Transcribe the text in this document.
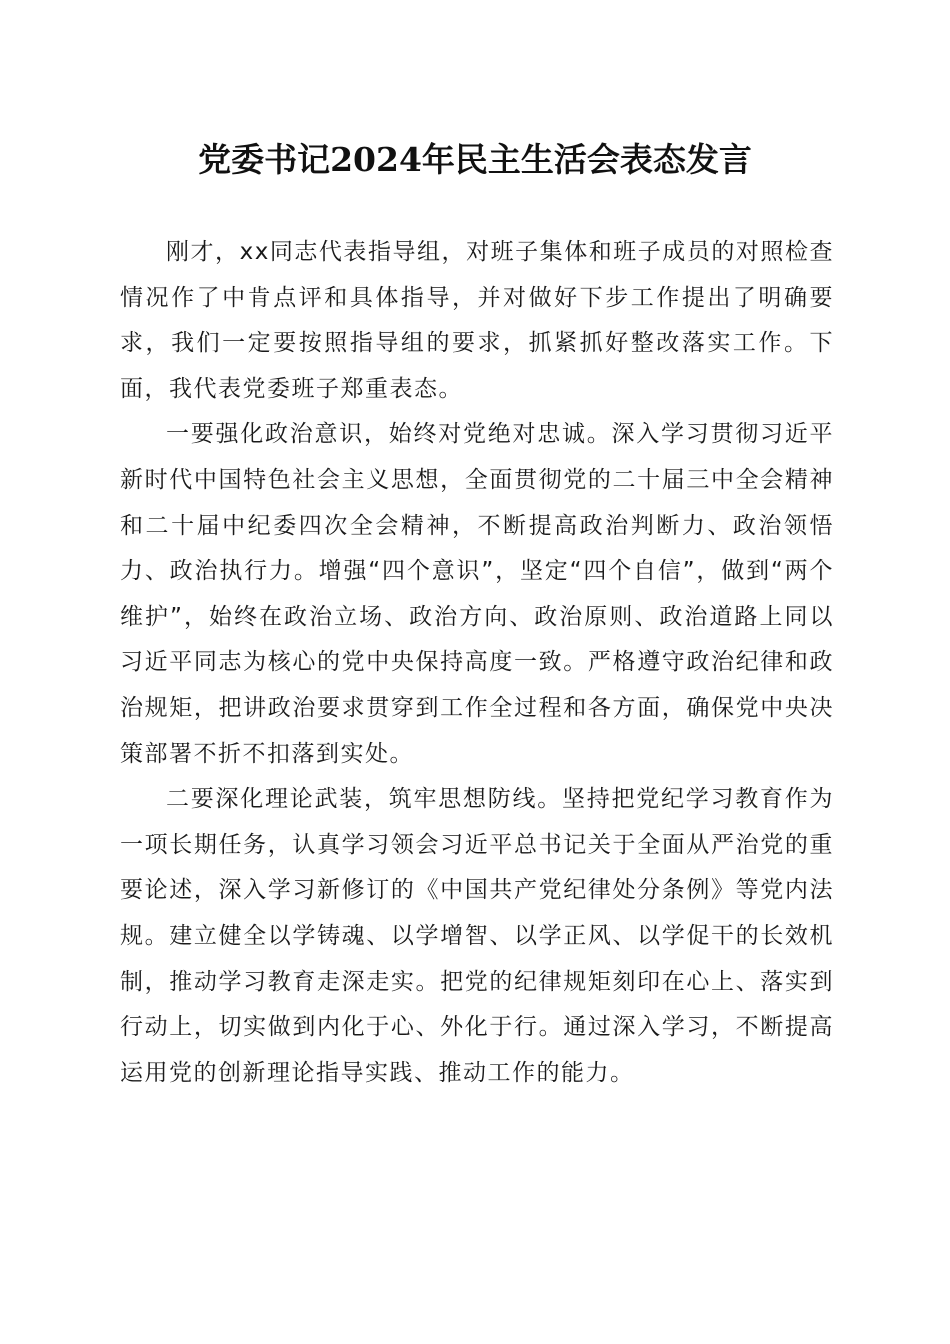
党委书记2024年民主生活会表态发言

刚才，xx同志代表指导组，对班子集体和班子成员的对照检查情况作了中肯点评和具体指导，并对做好下步工作提出了明确要求，我们一定要按照指导组的要求，抓紧抓好整改落实工作。下面，我代表党委班子郑重表态。

一要强化政治意识，始终对党绝对忠诚。深入学习贯彻习近平新时代中国特色社会主义思想，全面贯彻党的二十届三中全会精神和二十届中纪委四次全会精神，不断提高政治判断力、政治领悟力、政治执行力。增强“四个意识”，坚定“四个自信”，做到“两个维护”，始终在政治立场、政治方向、政治原则、政治道路上同以习近平同志为核心的党中央保持高度一致。严格遵守政治纪律和政治规矩，把讲政治要求贯穿到工作全过程和各方面，确保党中央决策部署不折不扣落到实处。

二要深化理论武装，筑牢思想防线。坚持把党纪学习教育作为一项长期任务，认真学习领会习近平总书记关于全面从严治党的重要论述，深入学习新修订的《中国共产党纪律处分条例》等党内法规。建立健全以学铸魂、以学增智、以学正风、以学促干的长效机制，推动学习教育走深走实。把党的纪律规矩刻印在心上、落实到行动上，切实做到内化于心、外化于行。通过深入学习，不断提高运用党的创新理论指导实践、推动工作的能力。
